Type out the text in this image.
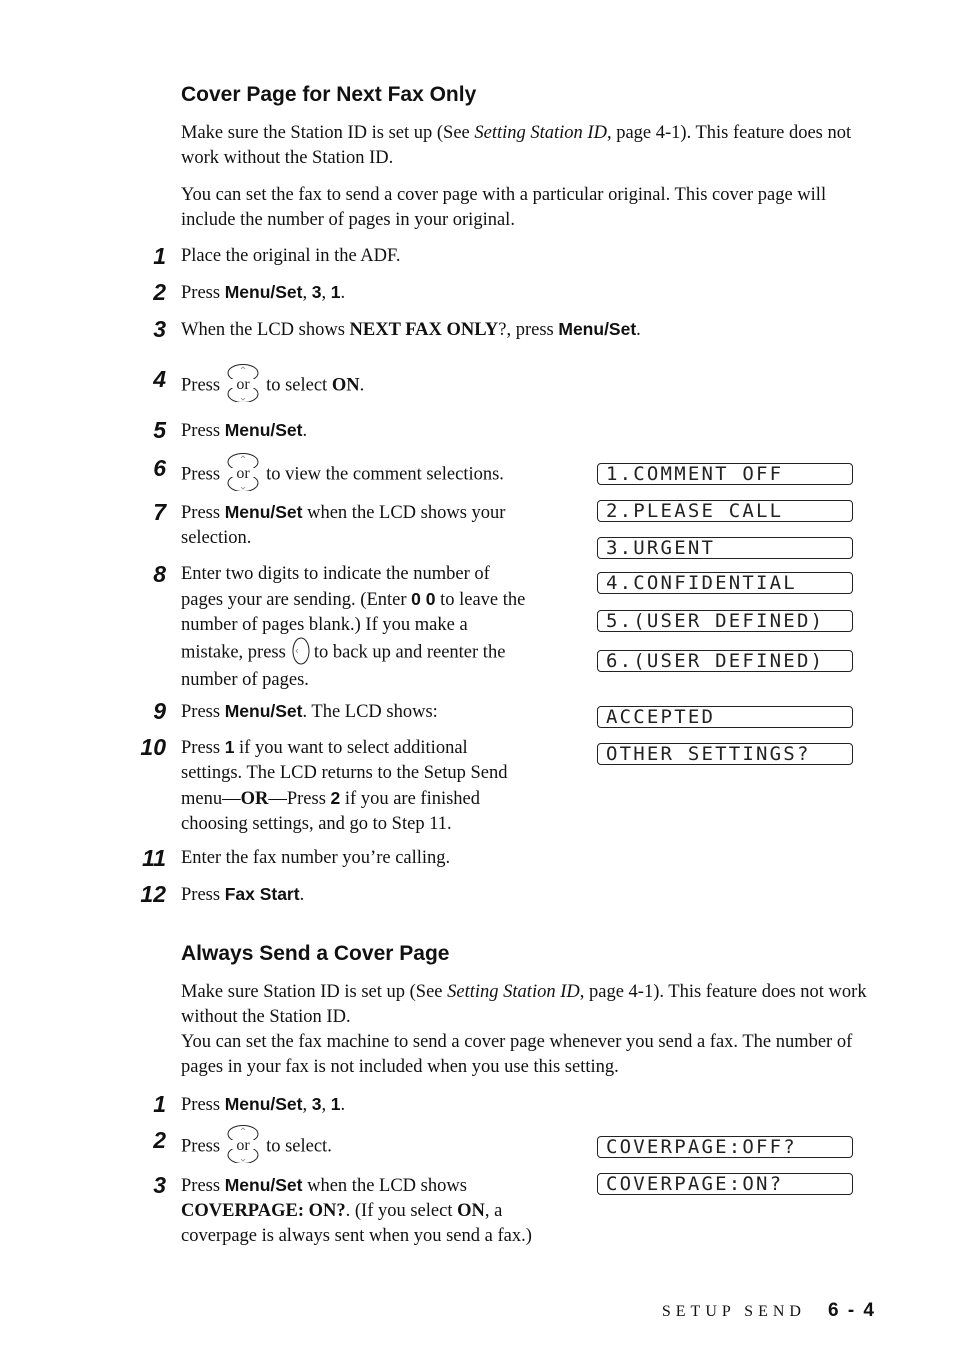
Cover Page for Next Fax Only
Make sure the Station ID is set up (See Setting Station ID, page 4-1). This feature does not work without the Station ID.
You can set the fax to send a cover page with a particular original. This cover page will include the number of pages in your original.
1 Place the original in the ADF.
2 Press Menu/Set, 3, 1.
3 When the LCD shows NEXT FAX ONLY?, press Menu/Set.
4 Press or to select ON.
5 Press Menu/Set.
6 Press or to view the comment selections.
7 Press Menu/Set when the LCD shows your
selection.
8 Enter two digits to indicate the number of
pages your are sending. (Enter 0 0 to leave the
number of pages blank.) If you make a
mistake, press to back up and reenter the
number of pages.
9 Press Menu/Set. The LCD shows:
10 Press 1 if you want to select additional
settings. The LCD returns to the Setup Send
menu—OR—Press 2 if you are finished
choosing settings, and go to Step 11.
11 Enter the fax number you’re calling.
12 Press Fax Start.
1.COMMENT OFF
2.PLEASE CALL
3.URGENT
4.CONFIDENTIAL
5.(USER DEFINED)
6.(USER DEFINED)
ACCEPTED
OTHER SETTINGS?
Always Send a Cover Page
Make sure Station ID is set up (See Setting Station ID, page 4-1). This feature does not work without the Station ID.
You can set the fax machine to send a cover page whenever you send a fax. The number of pages in your fax is not included when you use this setting.
1 Press Menu/Set, 3, 1.
2 Press or to select.
3 Press Menu/Set when the LCD shows
COVERPAGE: ON?. (If you select ON, a
coverpage is always sent when you send a fax.)
COVERPAGE:OFF?
COVERPAGE:ON?
SETUP SEND 6 - 4
